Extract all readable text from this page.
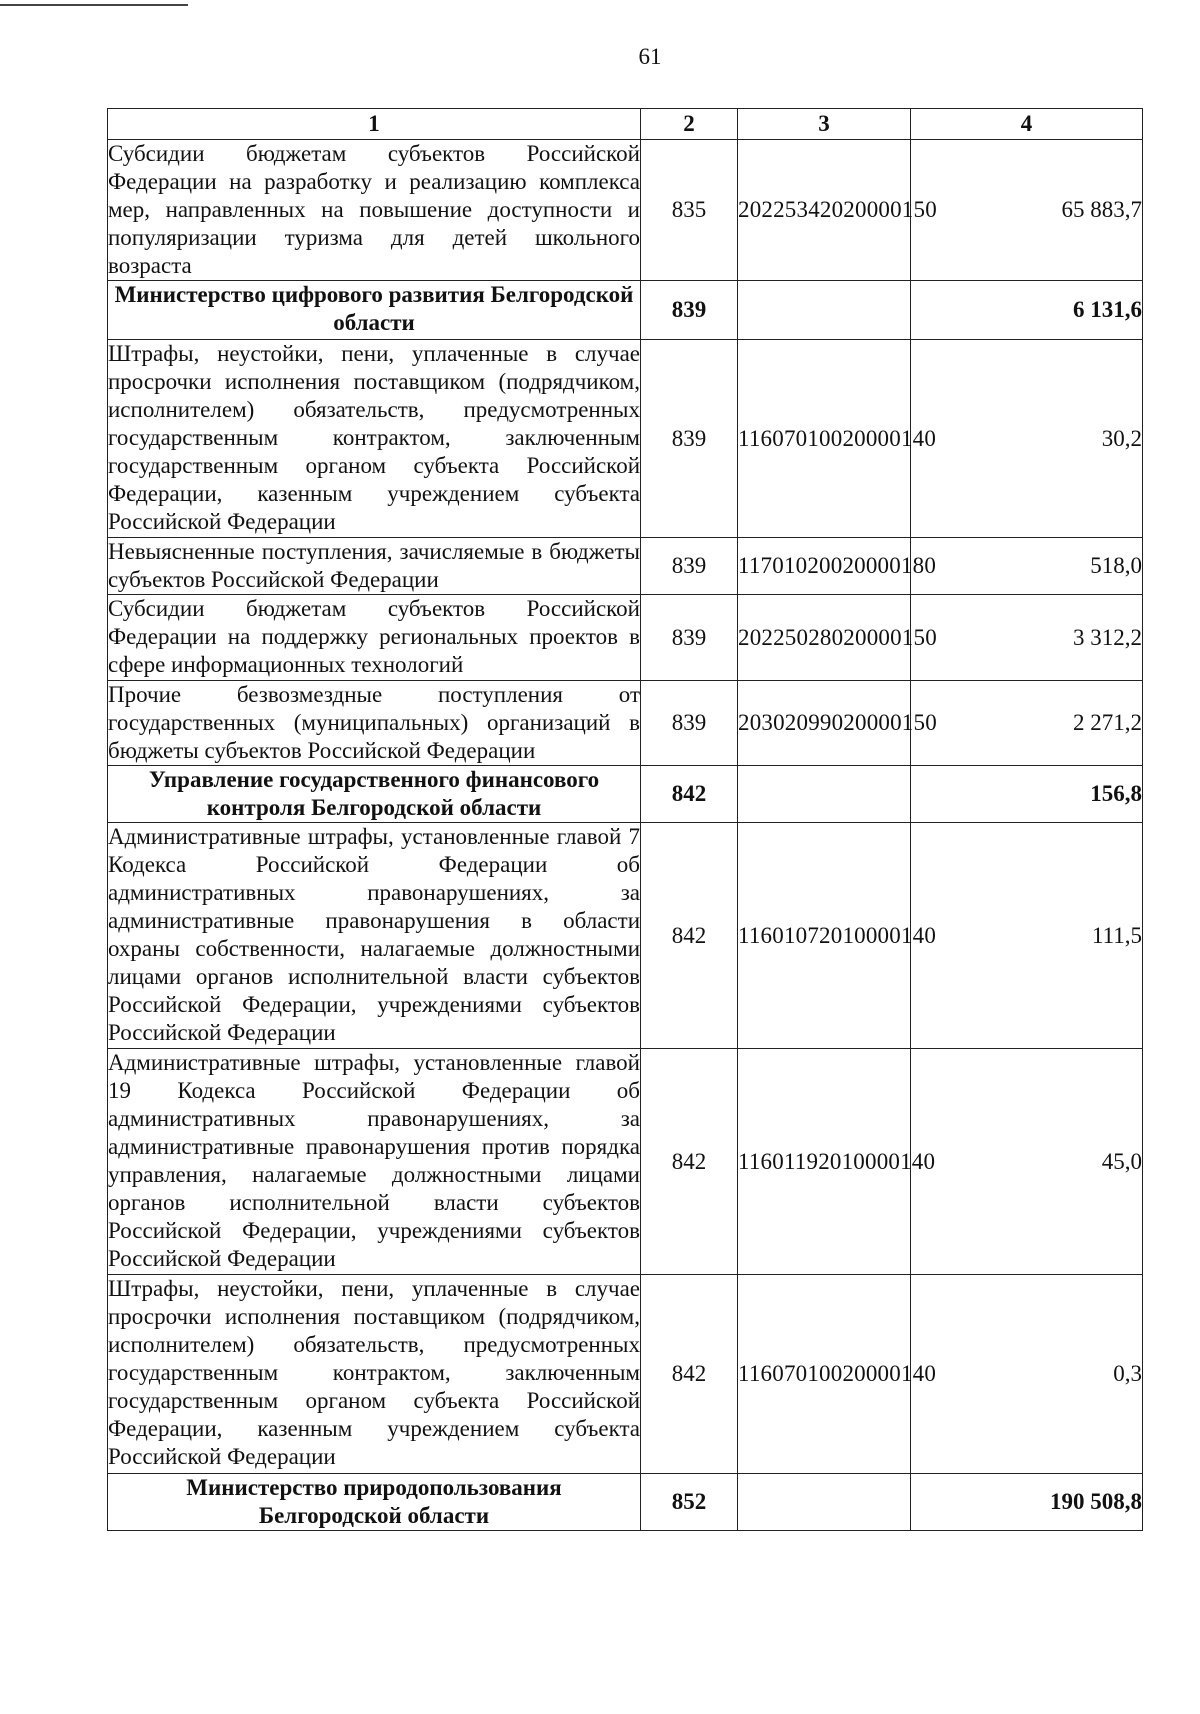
61
1	2	3	4
Субсидии бюджетам субъектов Российской Федерации на разработку и реализацию комплекса мер, направленных на повышение доступности и популяризации туризма для детей школьного возраста	835	20225342020000150	65 883,7
Министерство цифрового развития Белгородской области	839		6 131,6
Штрафы, неустойки, пени, уплаченные в случае просрочки исполнения поставщиком (подрядчиком, исполнителем) обязательств, предусмотренных государственным контрактом, заключенным государственным органом субъекта Российской Федерации, казенным учреждением субъекта Российской Федерации	839	11607010020000140	30,2
Невыясненные поступления, зачисляемые в бюджеты субъектов Российской Федерации	839	11701020020000180	518,0
Субсидии бюджетам субъектов Российской Федерации на поддержку региональных проектов в сфере информационных технологий	839	20225028020000150	3 312,2
Прочие безвозмездные поступления от государственных (муниципальных) организаций в бюджеты субъектов Российской Федерации	839	20302099020000150	2 271,2
Управление государственного финансового контроля Белгородской области	842		156,8
Административные штрафы, установленные главой 7 Кодекса Российской Федерации об административных правонарушениях, за административные правонарушения в области охраны собственности, налагаемые должностными лицами органов исполнительной власти субъектов Российской Федерации, учреждениями субъектов Российской Федерации	842	11601072010000140	111,5
Административные штрафы, установленные главой 19 Кодекса Российской Федерации об административных правонарушениях, за административные правонарушения против порядка управления, налагаемые должностными лицами органов исполнительной власти субъектов Российской Федерации, учреждениями субъектов Российской Федерации	842	11601192010000140	45,0
Штрафы, неустойки, пени, уплаченные в случае просрочки исполнения поставщиком (подрядчиком, исполнителем) обязательств, предусмотренных государственным контрактом, заключенным государственным органом субъекта Российской Федерации, казенным учреждением субъекта Российской Федерации	842	11607010020000140	0,3
Министерство природопользования Белгородской области	852		190 508,8
